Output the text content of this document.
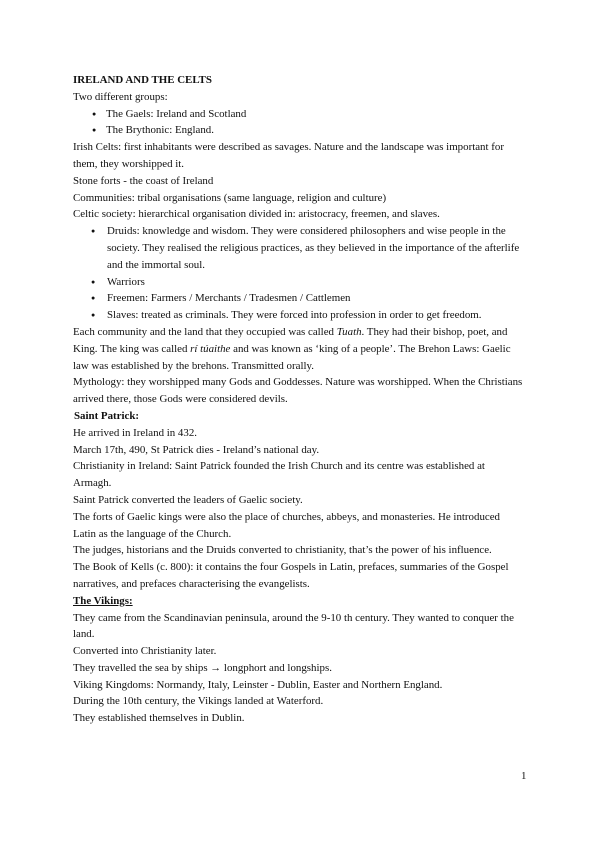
IRELAND AND THE CELTS

Two different groups:

● The Gaels: Ireland and Scotland
● The Brythonic: England.

Irish Celts: first inhabitants were described as savages. Nature and the landscape was important for them, they worshipped it.

Stone forts - the coast of Ireland

Communities: tribal organisations (same language, religion and culture)

Celtic society: hierarchical organisation divided in: aristocracy, freemen, and slaves.

● Druids: knowledge and wisdom. They were considered philosophers and wise people in the society. They realised the religious practices, as they believed in the importance of the afterlife and the immortal soul.
● Warriors
● Freemen: Farmers / Merchants / Tradesmen / Cattlemen
● Slaves: treated as criminals. They were forced into profession in order to get freedom.

Each community and the land that they occupied was called Tuath. They had their bishop, poet, and King. The king was called rí túaithe and was known as ‘king of a people’. The Brehon Laws: Gaelic law was established by the brehons. Transmitted orally.

Mythology: they worshipped many Gods and Goddesses. Nature was worshipped. When the Christians arrived there, those Gods were considered devils.

Saint Patrick:

He arrived in Ireland in 432.

March 17th, 490, St Patrick dies - Ireland’s national day.

Christianity in Ireland: Saint Patrick founded the Irish Church and its centre was established at Armagh.

Saint Patrick converted the leaders of Gaelic society.

The forts of Gaelic kings were also the place of churches, abbeys, and monasteries. He introduced Latin as the language of the Church.

The judges, historians and the Druids converted to christianity, that’s the power of his influence.

The Book of Kells (c. 800): it contains the four Gospels in Latin, prefaces, summaries of the Gospel narratives, and prefaces characterising the evangelists.

The Vikings:

They came from the Scandinavian peninsula, around the 9-10 th century. They wanted to conquer the land.

Converted into Christianity later.

They travelled the sea by ships → longphort and longships.

Viking Kingdoms: Normandy, Italy, Leinster - Dublin, Easter and Northern England.

During the 10th century, the Vikings landed at Waterford.

They established themselves in Dublin.

1
